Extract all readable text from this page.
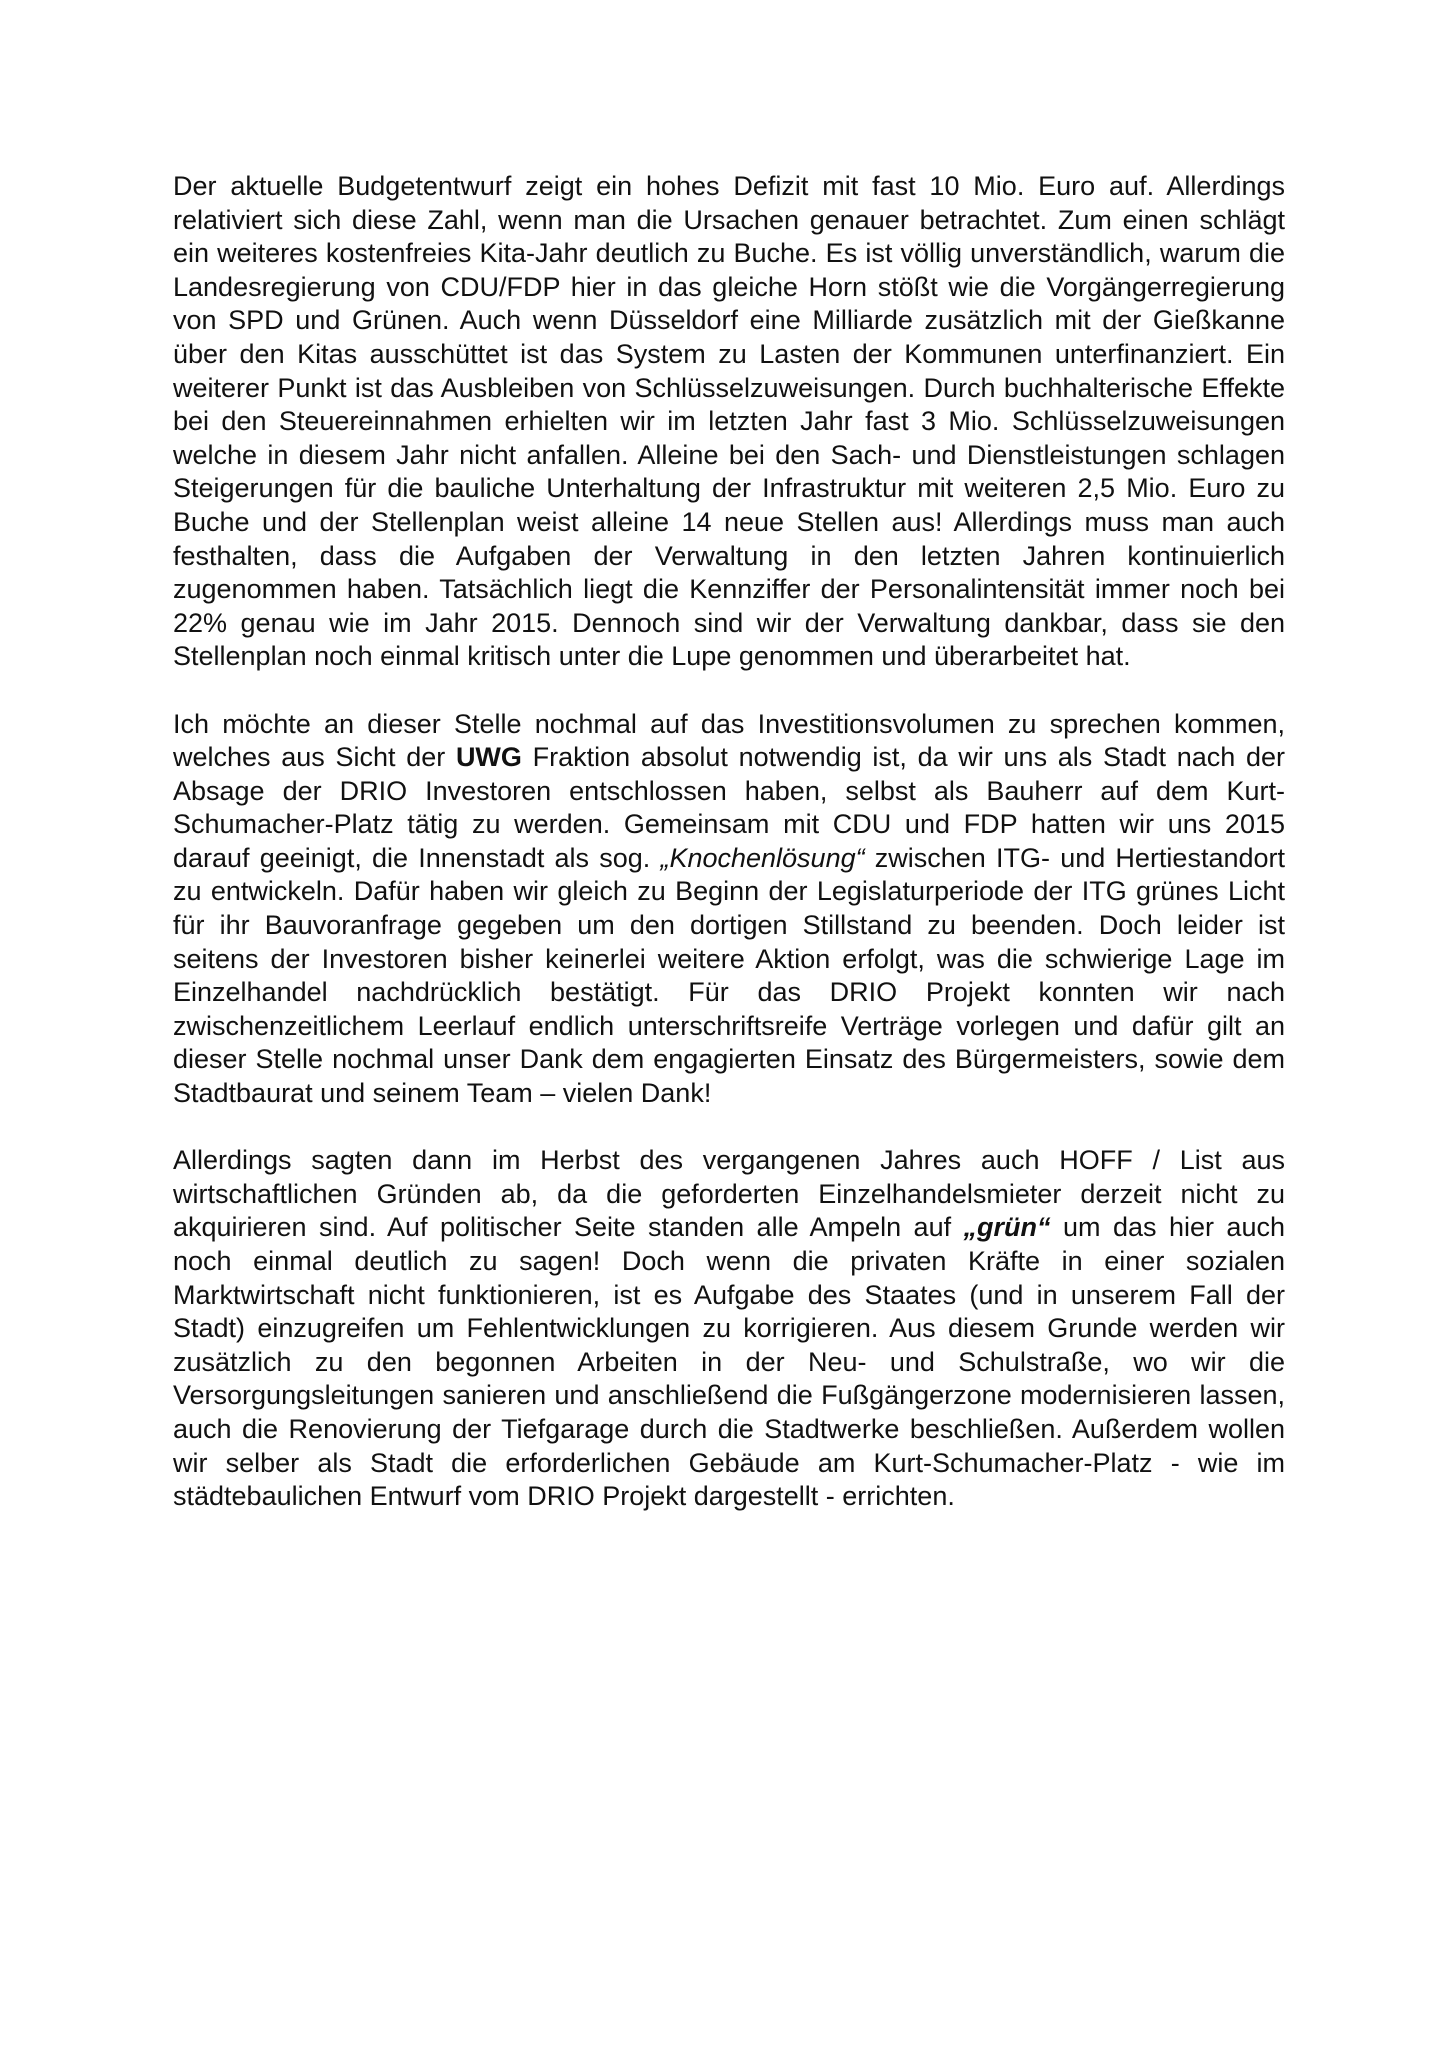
Der aktuelle Budgetentwurf zeigt ein hohes Defizit mit fast 10 Mio. Euro auf. Allerdings relativiert sich diese Zahl, wenn man die Ursachen genauer betrachtet. Zum einen schlägt ein weiteres kostenfreies Kita-Jahr deutlich zu Buche. Es ist völlig unverständlich, warum die Landesregierung von CDU/FDP hier in das gleiche Horn stößt wie die Vorgängerregierung von SPD und Grünen. Auch wenn Düsseldorf eine Milliarde zusätzlich mit der Gießkanne über den Kitas ausschüttet ist das System zu Lasten der Kommunen unterfinanziert. Ein weiterer Punkt ist das Ausbleiben von Schlüsselzuweisungen. Durch buchhalterische Effekte bei den Steuereinnahmen erhielten wir im letzten Jahr fast 3 Mio. Schlüsselzuweisungen welche in diesem Jahr nicht anfallen. Alleine bei den Sach- und Dienstleistungen schlagen Steigerungen für die bauliche Unterhaltung der Infrastruktur mit weiteren 2,5 Mio. Euro zu Buche und der Stellenplan weist alleine 14 neue Stellen aus! Allerdings muss man auch festhalten, dass die Aufgaben der Verwaltung in den letzten Jahren kontinuierlich zugenommen haben. Tatsächlich liegt die Kennziffer der Personalintensität immer noch bei 22% genau wie im Jahr 2015. Dennoch sind wir der Verwaltung dankbar, dass sie den Stellenplan noch einmal kritisch unter die Lupe genommen und überarbeitet hat.

Ich möchte an dieser Stelle nochmal auf das Investitionsvolumen zu sprechen kommen, welches aus Sicht der UWG Fraktion absolut notwendig ist, da wir uns als Stadt nach der Absage der DRIO Investoren entschlossen haben, selbst als Bauherr auf dem Kurt-Schumacher-Platz tätig zu werden. Gemeinsam mit CDU und FDP hatten wir uns 2015 darauf geeinigt, die Innenstadt als sog. „Knochenlösung“ zwischen ITG- und Hertiestandort zu entwickeln. Dafür haben wir gleich zu Beginn der Legislaturperiode der ITG grünes Licht für ihr Bauvoranfrage gegeben um den dortigen Stillstand zu beenden. Doch leider ist seitens der Investoren bisher keinerlei weitere Aktion erfolgt, was die schwierige Lage im Einzelhandel nachdrücklich bestätigt. Für das DRIO Projekt konnten wir nach zwischenzeitlichem Leerlauf endlich unterschriftsreife Verträge vorlegen und dafür gilt an dieser Stelle nochmal unser Dank dem engagierten Einsatz des Bürgermeisters, sowie dem Stadtbaurat und seinem Team – vielen Dank!

Allerdings sagten dann im Herbst des vergangenen Jahres auch HOFF / List aus wirtschaftlichen Gründen ab, da die geforderten Einzelhandelsmieter derzeit nicht zu akquirieren sind. Auf politischer Seite standen alle Ampeln auf „grün“ um das hier auch noch einmal deutlich zu sagen! Doch wenn die privaten Kräfte in einer sozialen Marktwirtschaft nicht funktionieren, ist es Aufgabe des Staates (und in unserem Fall der Stadt) einzugreifen um Fehlentwicklungen zu korrigieren. Aus diesem Grunde werden wir zusätzlich zu den begonnen Arbeiten in der Neu- und Schulstraße, wo wir die Versorgungsleitungen sanieren und anschließend die Fußgängerzone modernisieren lassen, auch die Renovierung der Tiefgarage durch die Stadtwerke beschließen. Außerdem wollen wir selber als Stadt die erforderlichen Gebäude am Kurt-Schumacher-Platz - wie im städtebaulichen Entwurf vom DRIO Projekt dargestellt - errichten.
